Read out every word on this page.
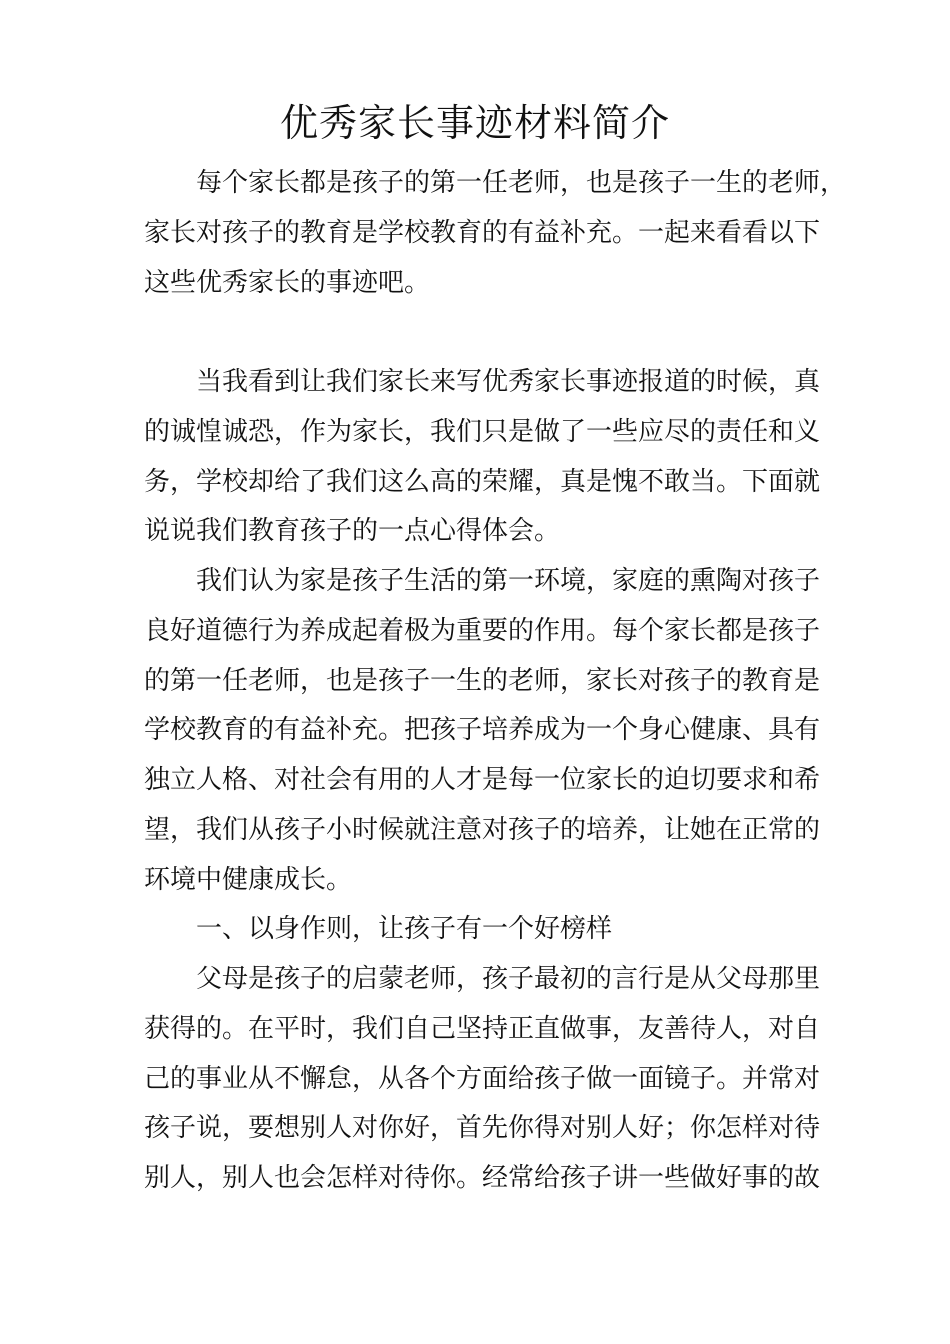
优秀家长事迹材料简介
每个家长都是孩子的第一任老师，也是孩子一生的老师，
家长对孩子的教育是学校教育的有益补充。一起来看看以下
这些优秀家长的事迹吧。
当我看到让我们家长来写优秀家长事迹报道的时候，真
的诚惶诚恐，作为家长，我们只是做了一些应尽的责任和义
务，学校却给了我们这么高的荣耀，真是愧不敢当。下面就
说说我们教育孩子的一点心得体会。
我们认为家是孩子生活的第一环境，家庭的熏陶对孩子
良好道德行为养成起着极为重要的作用。每个家长都是孩子
的第一任老师，也是孩子一生的老师，家长对孩子的教育是
学校教育的有益补充。把孩子培养成为一个身心健康、具有
独立人格、对社会有用的人才是每一位家长的迫切要求和希
望，我们从孩子小时候就注意对孩子的培养，让她在正常的
环境中健康成长。
一、以身作则，让孩子有一个好榜样
父母是孩子的启蒙老师，孩子最初的言行是从父母那里
获得的。在平时，我们自己坚持正直做事，友善待人，对自
己的事业从不懈怠，从各个方面给孩子做一面镜子。并常对
孩子说，要想别人对你好，首先你得对别人好；你怎样对待
别人，别人也会怎样对待你。经常给孩子讲一些做好事的故
